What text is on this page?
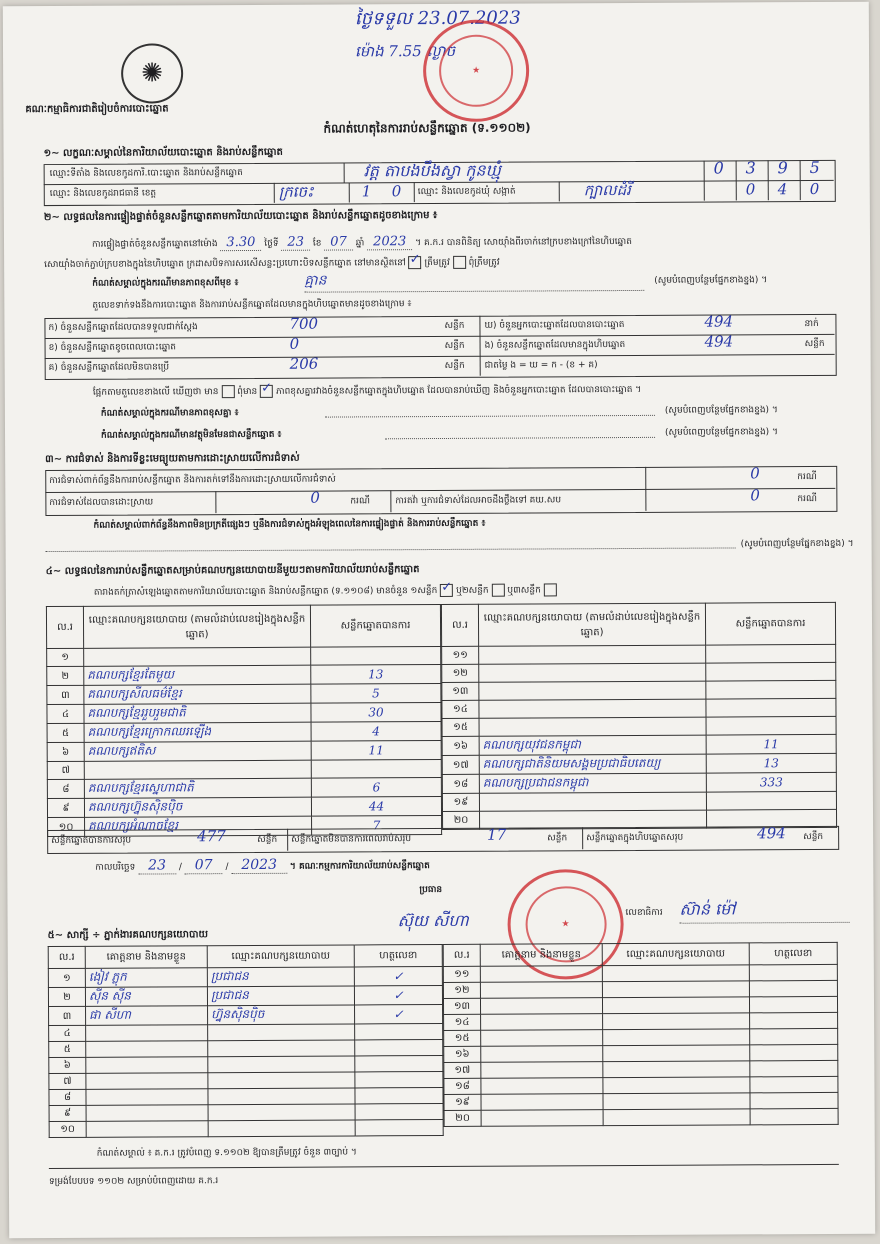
ថ្ងៃទទួល 23.07.2023
ម៉ោង 7.55 ល្ងាច
★
✺
គណៈកម្មាធិការជាតិរៀបចំការបោះឆ្នោត
កំណត់ហេតុនៃការរាប់សន្លឹកឆ្នោត (ទ.១១០២)
១~ លក្ខណៈសម្គាល់នៃការិយាល័យបោះឆ្នោត និងរាប់សន្លឹកឆ្នោត
ឈ្មោះទីតាំង និងលេខកូដការិ.បោះឆ្នោត និងរាប់សន្លឹកឆ្នោត	វត្ត តាបងបឹងស្វា កូនឃ្មុំ	0 3 9 5
ឈ្មោះ និងលេខកូដរាជធានី ខេត្ត	ក្រចេះ	1 0 ឈ្មោះ និងលេខកូដឃុំ សង្កាត់	ក្បាលដំរី	0 4 0
២~ លទ្ធផលនៃការផ្ទៀងផ្ទាត់ចំនួនសន្លឹកឆ្នោតតាមការិយាល័យបោះឆ្នោត និងរាប់សន្លឹកឆ្នោតដូចខាងក្រោម ៖
ការផ្ទៀងផ្ទាត់ចំនួនសន្លឹកឆ្នោតនៅម៉ោង 3.30 ថ្ងៃទី 23 ខែ 07 ឆ្នាំ 2023 ។ គ.ក.រ បានពិនិត្យ សោយ៉ាំងពីរចាក់នៅក្របខាងក្រៅនៃហិបឆ្នោត
សោយ៉ាំងចាក់ភ្ជាប់ក្របខាងក្នុងនៃហិបឆ្នោត ក្រដាសបិទការសរសើសន្លះប្រហោះបិទសន្លឹកឆ្នោត នៅមានស្ថិតនៅ ✓ ត្រឹមត្រូវ ពុំត្រឹមត្រូវ
កំណត់សម្គាល់ក្នុងករណីមានភាពខុសពីមុខ ៖	គ្មាន	(សូមបំពេញបន្ថែមផ្នែកខាងខ្នង) ។
តួលេខទាក់ទងនឹងការបោះឆ្នោត និងការរាប់សន្លឹកឆ្នោតដែលមានក្នុងហិបឆ្នោតមានដូចខាងក្រោម ៖
ក) ចំនួនសន្លឹកឆ្នោតដែលបានទទួលជាក់ស្តែង	700	សន្លឹក
ខ) ចំនួនសន្លឹកឆ្នោតខូចពេលបោះឆ្នោត	0	សន្លឹក
គ) ចំនួនសន្លឹកឆ្នោតដែលមិនបានប្រើ	206	សន្លឹក
ឃ) ចំនួនអ្នកបោះឆ្នោតដែលបានបោះឆ្នោត	494	នាក់
ង) ចំនួនសន្លឹកឆ្នោតដែលមានក្នុងហិបឆ្នោត	494	សន្លឹក
ជាតម្លៃ ង = ឃ = ក - (ខ + គ)
ផ្អែកតាមតួលេខខាងលើ ឃើញថា មាន ពុំមាន ✓ ភាពខុសគ្នារវាងចំនួនសន្លឹកឆ្នោតក្នុងហិបឆ្នោត ដែលបានរាប់ឃើញ និងចំនួនអ្នកបោះឆ្នោត ដែលបានបោះឆ្នោត ។
កំណត់សម្គាល់ក្នុងករណីមានភាពខុសគ្នា ៖	(សូមបំពេញបន្ថែមផ្នែកខាងខ្នង) ។
កំណត់សម្គាល់ក្នុងករណីមានវត្ថុមិនមែនជាសន្លឹកឆ្នោត ៖	(សូមបំពេញបន្ថែមផ្នែកខាងខ្នង) ។
៣~ ការជំទាស់ និងការទីខ្លះមេធ្យូយតាមការដោះស្រាយលើការជំទាស់
ការជំទាស់ពាក់ព័ន្ធនឹងការរាប់សន្លឹកឆ្នោត និងការតក់ទៅនឹងការដោះស្រាយលើការជំទាស់	0	ករណី
ការជំទាស់ដែលបានដោះស្រាយ	0	ករណី	ការតវ៉ា ឬការជំទាស់ដែលអាចដឹងថ្លឹងទៅ គឃ.សប	0	ករណី
កំណត់សម្គាល់ពាក់ព័ន្ធនឹងភាពមិនប្រក្រតីផ្សេងៗ ឬនឹងការជំទាស់ក្នុងអំឡុងពេលនៃការផ្ទៀងផ្ទាត់ និងការរាប់សន្លឹកឆ្នោត ៖
(សូមបំពេញបន្ថែមផ្នែកខាងខ្នង) ។
៤~ លទ្ធផលនៃការរាប់សន្លឹកឆ្នោតសម្រាប់គណបក្សនយោបាយនីមួយៗតាមការិយាល័យរាប់សន្លឹកឆ្នោត
តារាងតក់ត្រាសំឡេងឆ្នោតតាមការិយាល័យបោះឆ្នោត និងរាប់សន្លឹកឆ្នោត (ទ.១១០៨) មានចំនួន ១សន្លឹក ✓ ឬ២សន្លឹក ឬ៣សន្លឹក
ល.រ	ឈ្មោះគណបក្សនយោបាយ (តាមលំដាប់លេខរៀងក្នុងសន្លឹកឆ្នោត)	សន្លឹកឆ្នោតបានការ
១		
២	គណបក្សខ្មែរតែមួយ	13
៣	គណបក្សសីលធម៌ខ្មែរ	5
៤	គណបក្សខ្មែររួបរួមជាតិ	30
៥	គណបក្សខ្មែរក្រោកឈរឡើង	4
៦	គណបក្សឥតិស	11
៧		
៨	គណបក្សខ្មែរស្នេហាជាតិ	6
៩	គណបក្សហ្វ៊ុនស៊ិនប៉ិច	44
១០	គណបក្សអំណាចខ្មែរ	7
ល.រ	ឈ្មោះគណបក្សនយោបាយ (តាមលំដាប់លេខរៀងក្នុងសន្លឹកឆ្នោត)	សន្លឹកឆ្នោតបានការ
១១		
១២		
១៣		
១៤		
១៥		
១៦	គណបក្សយុវជនកម្ពុជា	11
១៧	គណបក្សជាតិនិយមសង្គមប្រជាធិបតេយ្យ	13
១៨	គណបក្សប្រជាជនកម្ពុជា	333
១៩		
២០		
សន្លឹកឆ្នោតបានការសរុប	477	សន្លឹក សន្លឹកឆ្នោតមិនបានការពេលរាប់សរុប	17	សន្លឹក សន្លឹកឆ្នោតក្នុងហិបឆ្នោតសរុប	494 សន្លឹក
កាលបរិច្ឆេទ 23 / 07 / 2023 ។ គណៈកម្មការការិយាល័យរាប់សន្លឹកឆ្នោត
ប្រធាន
ស៊ុយ សីហា	លេខាធិការ ស៊ាន់ ម៉ៅ
★
៥~ សាក្សី ÷ ភ្នាក់ងារគណបក្សនយោបាយ
ល.រ	គោត្តនាម និងនាមខ្លួន	ឈ្មោះគណបក្សនយោបាយ	ហត្ថលេខា
១	ងៀវ ភ្លុក	ប្រជាជន	✓
២	ស៊ីន ស៊ីន	ប្រជាជន	✓
៣	ផា សីហា	ហ្វ៊ុនស៊ិនប៉ិច	✓
៤			
៥			
៦			
៧			
៨			
៩			
១០			
ល.រ	គោត្តនាម និងនាមខ្លួន	ឈ្មោះគណបក្សនយោបាយ	ហត្ថលេខា
១១			
១២			
១៣			
១៤			
១៥			
១៦			
១៧			
១៨			
១៩			
២០			
កំណត់សម្គាល់ ៖ គ.ក.រ ត្រូវបំពេញ ទ.១១០២ ឱ្យបានត្រឹមត្រូវ ចំនួន ៣ច្បាប់ ។
ទម្រង់បែបបទ ១១០២ សម្រាប់បំពេញដោយ គ.ក.រ
